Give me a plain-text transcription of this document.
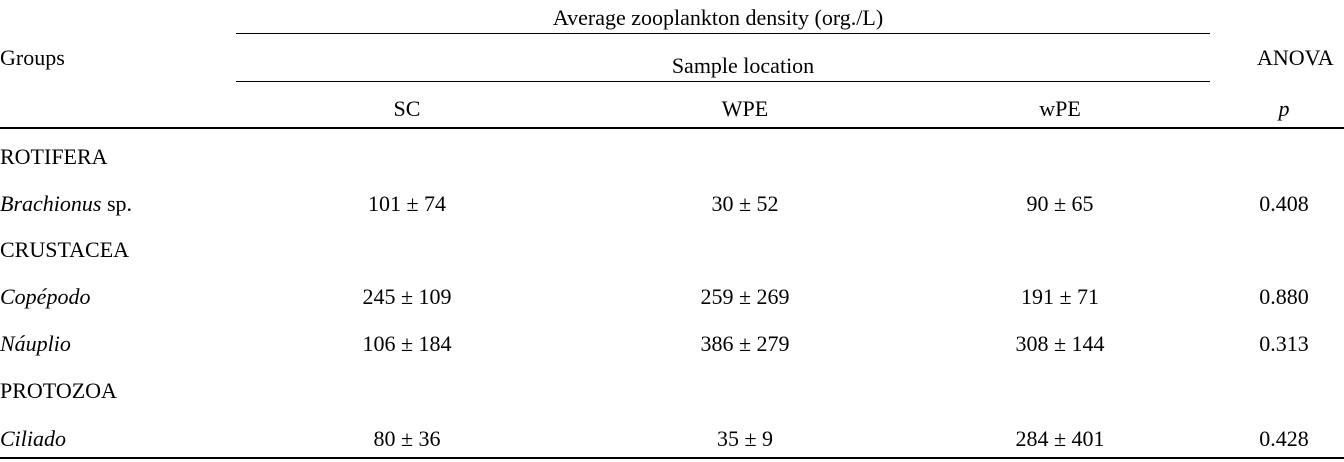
Groups
Average zooplankton density (org./L)
Sample location	ANOVA
SC	WPE	wPE	p
ROTIFERA
Brachionus sp.	101 ± 74	30 ± 52	90 ± 65	0.408
CRUSTACEA
Copépodo	245 ± 109	259 ± 269	191 ± 71	0.880
Náuplio	106 ± 184	386 ± 279	308 ± 144	0.313
PROTOZOA
Ciliado	80 ± 36	35 ± 9	284 ± 401	0.428
